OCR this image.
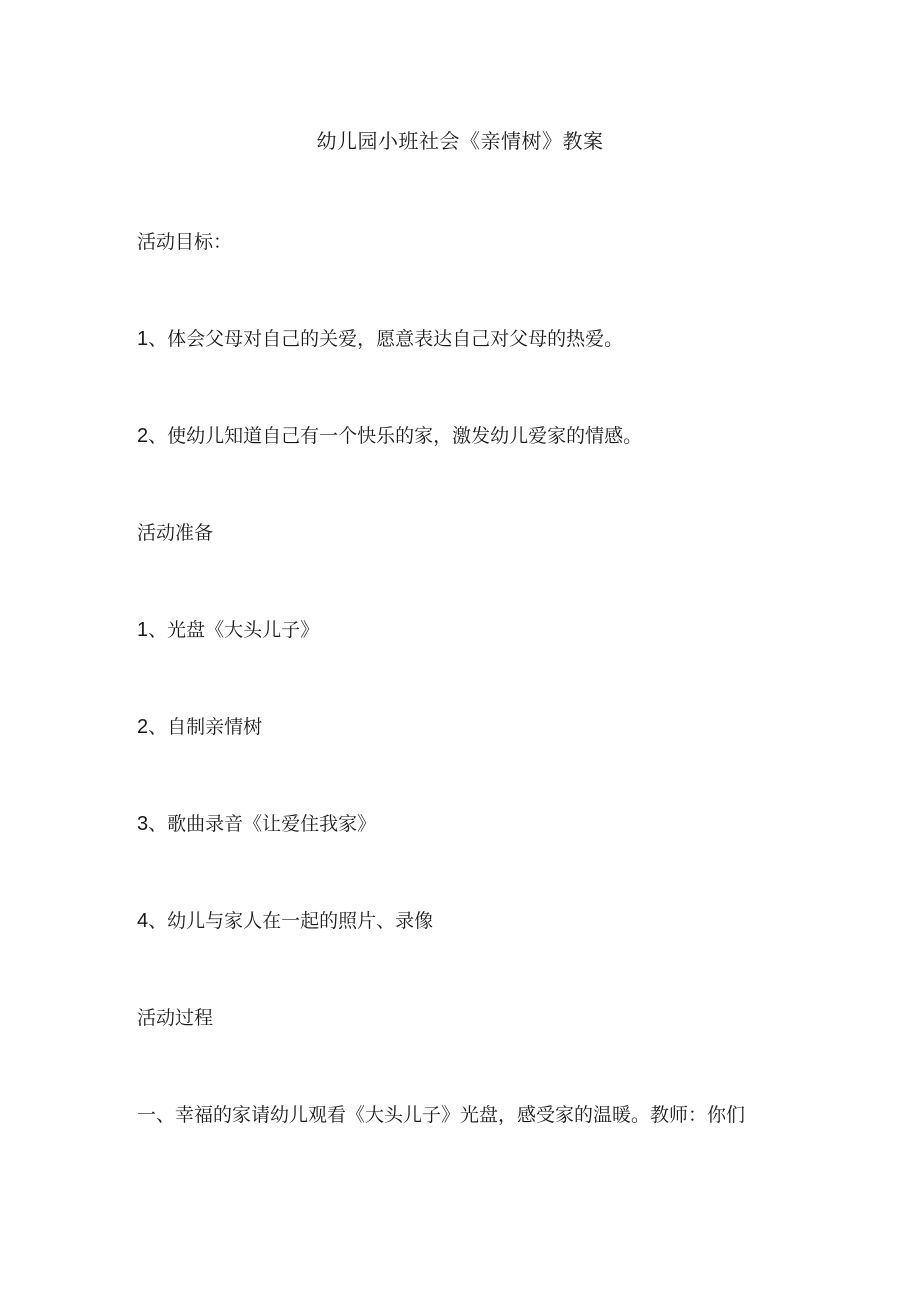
幼儿园小班社会《亲情树》教案
活动目标：
1、体会父母对自己的关爱，愿意表达自己对父母的热爱。
2、使幼儿知道自己有一个快乐的家，激发幼儿爱家的情感。
活动准备
1、光盘《大头儿子》
2、自制亲情树
3、歌曲录音《让爱住我家》
4、幼儿与家人在一起的照片、录像
活动过程
一、幸福的家请幼儿观看《大头儿子》光盘，感受家的温暖。教师：你们
